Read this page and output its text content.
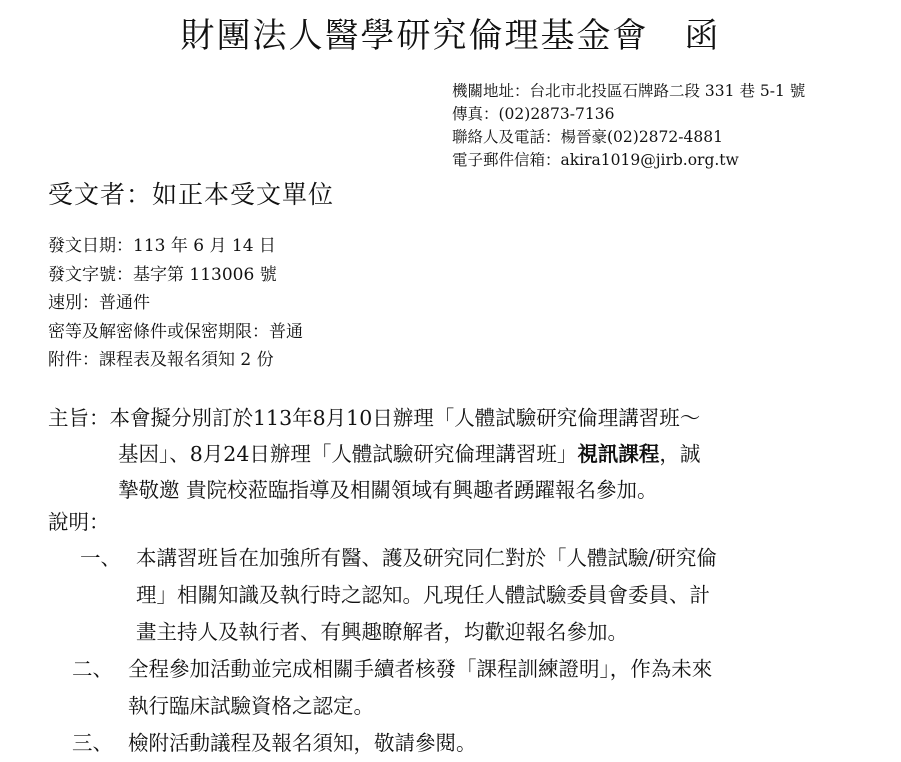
財團法人醫學研究倫理基金會 函
機關地址：台北市北投區石牌路二段 331 巷 5-1 號
傳真：(02)2873-7136
聯絡人及電話：楊晉豪(02)2872-4881
電子郵件信箱：akira1019@jirb.org.tw
受文者：如正本受文單位
發文日期：113 年 6 月 14 日
發文字號：基字第 113006 號
速別：普通件
密等及解密條件或保密期限：普通
附件：課程表及報名須知 2 份
主旨：本會擬分別訂於113年8月10日辦理「人體試驗研究倫理講習班～
基因」、8月24日辦理「人體試驗研究倫理講習班」視訊課程，誠
摯敬邀 貴院校蒞臨指導及相關領域有興趣者踴躍報名參加。
說明：
一、 本講習班旨在加強所有醫、護及研究同仁對於「人體試驗/研究倫
理」相關知識及執行時之認知。凡現任人體試驗委員會委員、計
畫主持人及執行者、有興趣瞭解者，均歡迎報名參加。
二、 全程參加活動並完成相關手續者核發「課程訓練證明」，作為未來
執行臨床試驗資格之認定。
三、 檢附活動議程及報名須知，敬請參閱。
